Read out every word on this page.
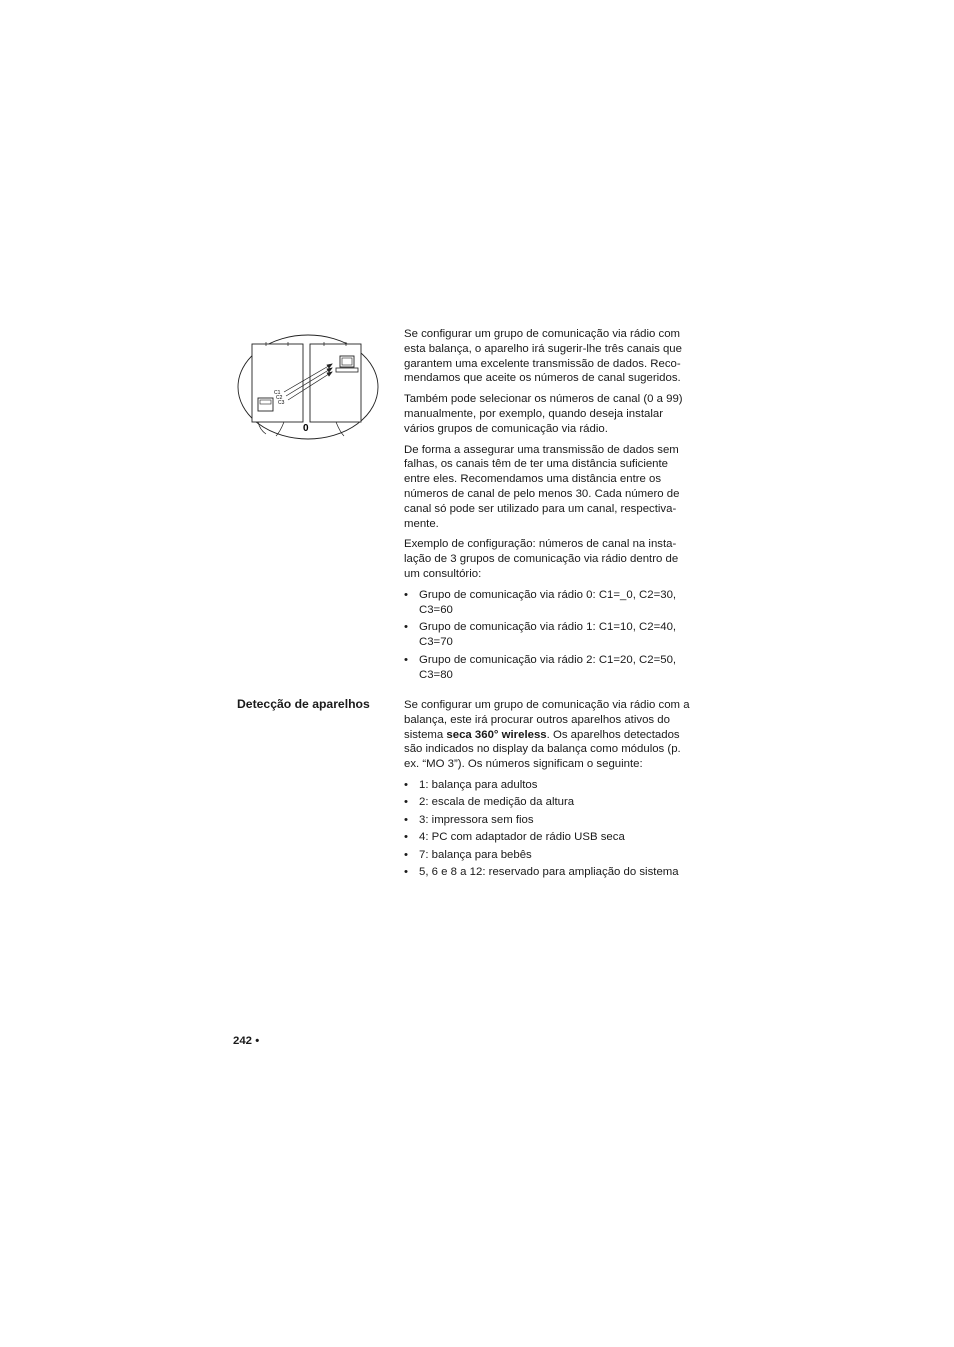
C1
C2
C3
0

Se configurar um grupo de comunicação via rádio com esta balança, o aparelho irá sugerir-lhe três canais que garantem uma excelente transmissão de dados. Reco-mendamos que aceite os números de canal sugeridos.

Também pode selecionar os números de canal (0 a 99) manualmente, por exemplo, quando deseja instalar vários grupos de comunicação via rádio.

De forma a assegurar uma transmissão de dados sem falhas, os canais têm de ter uma distância suficiente entre eles. Recomendamos uma distância entre os números de canal de pelo menos 30. Cada número de canal só pode ser utilizado para um canal, respectiva-mente.

Exemplo de configuração: números de canal na insta-lação de 3 grupos de comunicação via rádio dentro de um consultório:

• Grupo de comunicação via rádio 0: C1=_0, C2=30, C3=60
• Grupo de comunicação via rádio 1: C1=10, C2=40, C3=70
• Grupo de comunicação via rádio 2: C1=20, C2=50, C3=80
Detecção de aparelhos	Se configurar um grupo de comunicação via rádio com a balança, este irá procurar outros aparelhos ativos do sistema seca 360° wireless. Os aparelhos detectados são indicados no display da balança como módulos (p. ex. “MO 3”). Os números significam o seguinte:

• 1: balança para adultos
• 2: escala de medição da altura
• 3: impressora sem fios
• 4: PC com adaptador de rádio USB seca
• 7: balança para bebês
• 5, 6 e 8 a 12: reservado para ampliação do sistema
242 •
